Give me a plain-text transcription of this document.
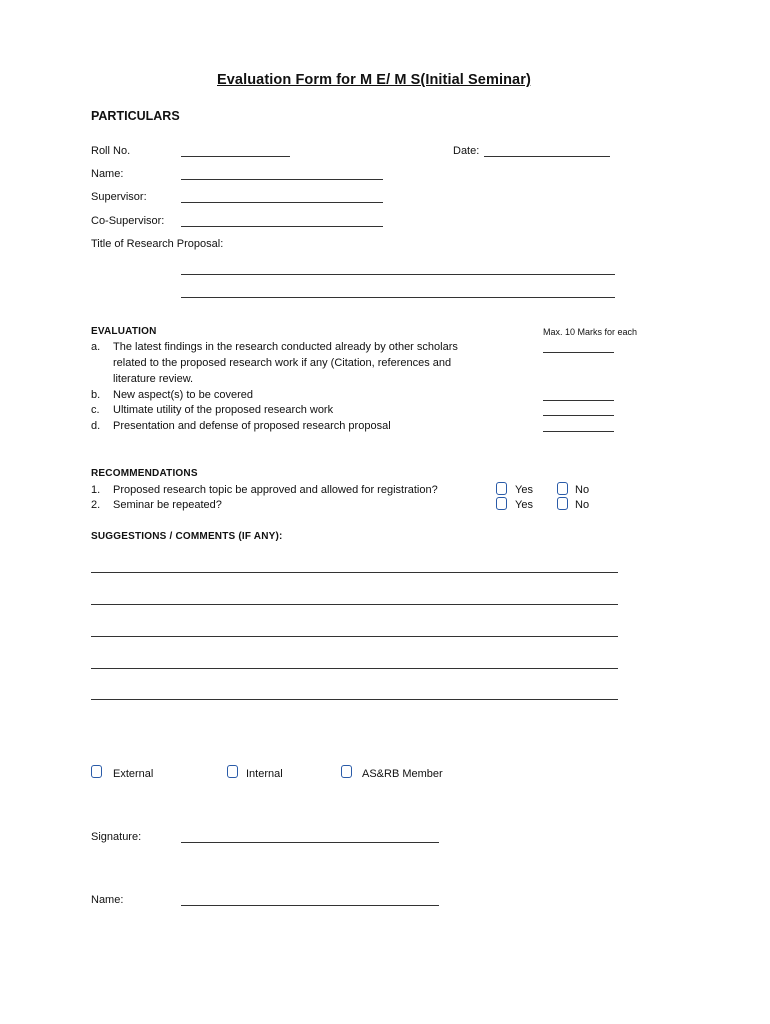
Evaluation Form for M E/ M S(Initial Seminar)
PARTICULARS
Roll No.	Date:
Name:
Supervisor:
Co-Supervisor:
Title of Research Proposal:
EVALUATION	Max. 10 Marks for each
a. The latest findings in the research conducted already by other scholars
related to the proposed research work if any (Citation, references and
literature review.
b. New aspect(s) to be covered
c. Ultimate utility of the proposed research work
d. Presentation and defense of proposed research proposal
RECOMMENDATIONS
1. Proposed research topic be approved and allowed for registration?	Yes	No
2. Seminar be repeated?	Yes	No
SUGGESTIONS / COMMENTS (IF ANY):
External	Internal	AS&RB Member
Signature:
Name:
